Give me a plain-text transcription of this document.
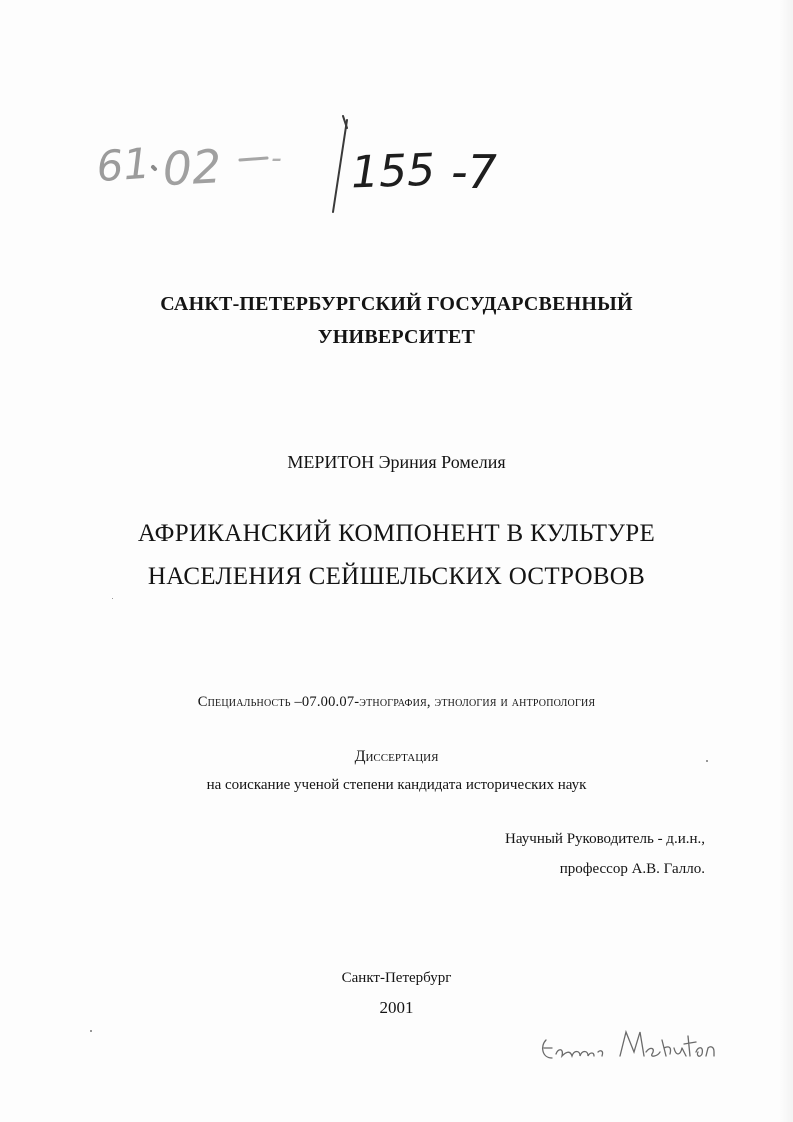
61 02 - 155 -7
САНКТ-ПЕТЕРБУРГСКИЙ ГОСУДАРСВЕННЫЙ
УНИВЕРСИТЕТ
МЕРИТОН Эриния Ромелия
АФРИКАНСКИЙ КОМПОНЕНТ В КУЛЬТУРЕ
НАСЕЛЕНИЯ СЕЙШЕЛЬСКИХ ОСТРОВОВ
Специальность –07.00.07-этнография, этнология и антропология
Диссертация
на соискание ученой степени кандидата исторических наук
Научный Руководитель - д.и.н.,
профессор А.В. Галло.
Санкт-Петербург
2001
